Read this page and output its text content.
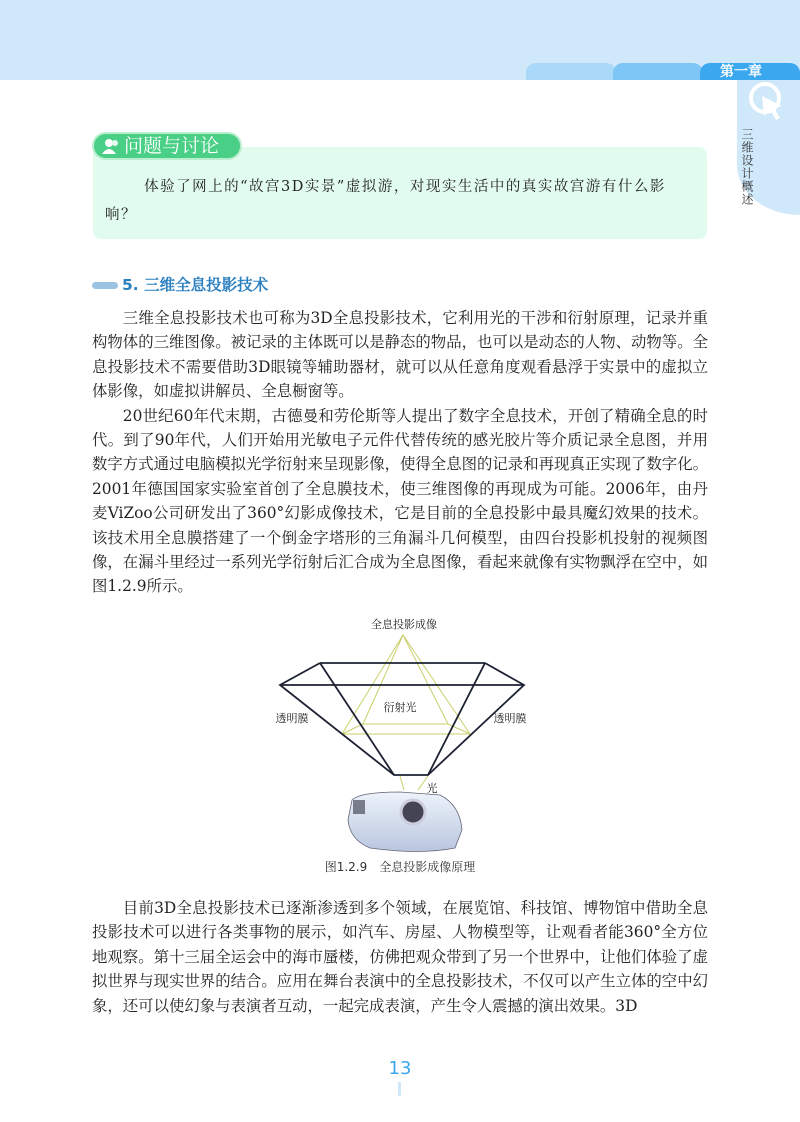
第一章
三维设计概述

体验了网上的“故宫3D实景”虚拟游，对现实生活中的真实故宫游有什么影响？

问题与讨论
5. 三维全息投影技术

三维全息投影技术也可称为3D全息投影技术，它利用光的干涉和衍射原理，记录并重构物体的三维图像。被记录的主体既可以是静态的物品，也可以是动态的人物、动物等。全息投影技术不需要借助3D眼镜等辅助器材，就可以从任意角度观看悬浮于实景中的虚拟立体影像，如虚拟讲解员、全息橱窗等。

20世纪60年代末期，古德曼和劳伦斯等人提出了数字全息技术，开创了精确全息的时代。到了90年代，人们开始用光敏电子元件代替传统的感光胶片等介质记录全息图，并用数字方式通过电脑模拟光学衍射来呈现影像，使得全息图的记录和再现真正实现了数字化。2001年德国国家实验室首创了全息膜技术，使三维图像的再现成为可能。2006年，由丹麦ViZoo公司研发出了360°幻影成像技术，它是目前的全息投影中最具魔幻效果的技术。该技术用全息膜搭建了一个倒金字塔形的三角漏斗几何模型，由四台投影机投射的视频图像，在漏斗里经过一系列光学衍射后汇合成为全息图像，看起来就像有实物飘浮在空中，如图1.2.9所示。

全息投影成像
衍射光
透明膜	透明膜
光
图1.2.9　全息投影成像原理

目前3D全息投影技术已逐渐渗透到多个领域，在展览馆、科技馆、博物馆中借助全息投影技术可以进行各类事物的展示，如汽车、房屋、人物模型等，让观看者能360°全方位地观察。第十三届全运会中的海市蜃楼，仿佛把观众带到了另一个世界中，让他们体验了虚拟世界与现实世界的结合。应用在舞台表演中的全息投影技术，不仅可以产生立体的空中幻象，还可以使幻象与表演者互动，一起完成表演，产生令人震撼的演出效果。3D

13
